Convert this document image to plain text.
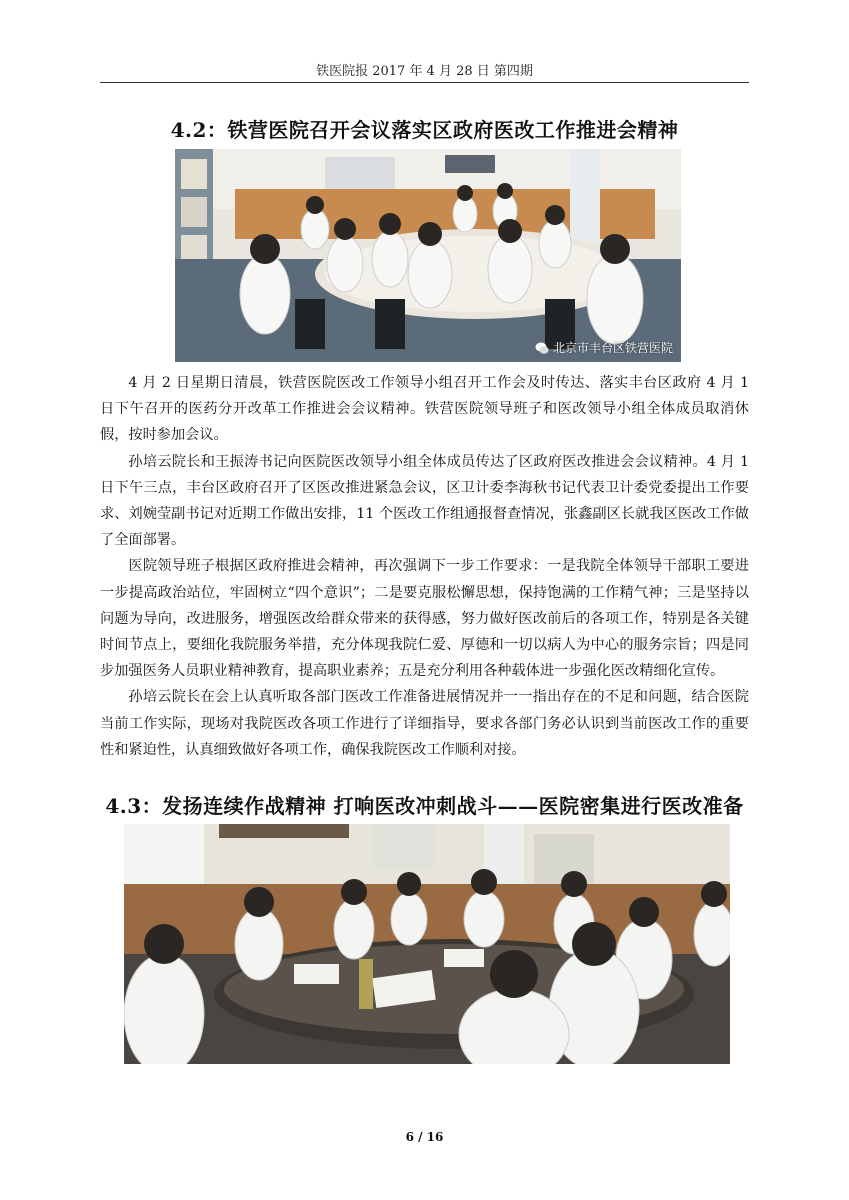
铁医院报 2017 年 4 月 28 日 第四期
4.2：铁营医院召开会议落实区政府医改工作推进会精神
北京市丰台区铁营医院

4 月 2 日星期日清晨，铁营医院医改工作领导小组召开工作会及时传达、落实丰台区政府 4 月 1 日下午召开的医药分开改革工作推进会会议精神。铁营医院领导班子和医改领导小组全体成员取消休假，按时参加会议。

孙培云院长和王振涛书记向医院医改领导小组全体成员传达了区政府医改推进会会议精神。4 月 1 日下午三点，丰台区政府召开了区医改推进紧急会议，区卫计委李海秋书记代表卫计委党委提出工作要求、刘婉莹副书记对近期工作做出安排，11 个医改工作组通报督查情况，张鑫副区长就我区医改工作做了全面部署。

医院领导班子根据区政府推进会精神，再次强调下一步工作要求：一是我院全体领导干部职工要进一步提高政治站位，牢固树立“四个意识”；二是要克服松懈思想，保持饱满的工作精气神；三是坚持以问题为导向，改进服务，增强医改给群众带来的获得感，努力做好医改前后的各项工作，特别是各关键时间节点上，要细化我院服务举措，充分体现我院仁爱、厚德和一切以病人为中心的服务宗旨；四是同步加强医务人员职业精神教育，提高职业素养；五是充分利用各种载体进一步强化医改精细化宣传。

孙培云院长在会上认真听取各部门医改工作准备进展情况并一一指出存在的不足和问题，结合医院当前工作实际，现场对我院医改各项工作进行了详细指导，要求各部门务必认识到当前医改工作的重要性和紧迫性，认真细致做好各项工作，确保我院医改工作顺利对接。

4.3：发扬连续作战精神 打响医改冲刺战斗——医院密集进行医改准备
6 / 16
